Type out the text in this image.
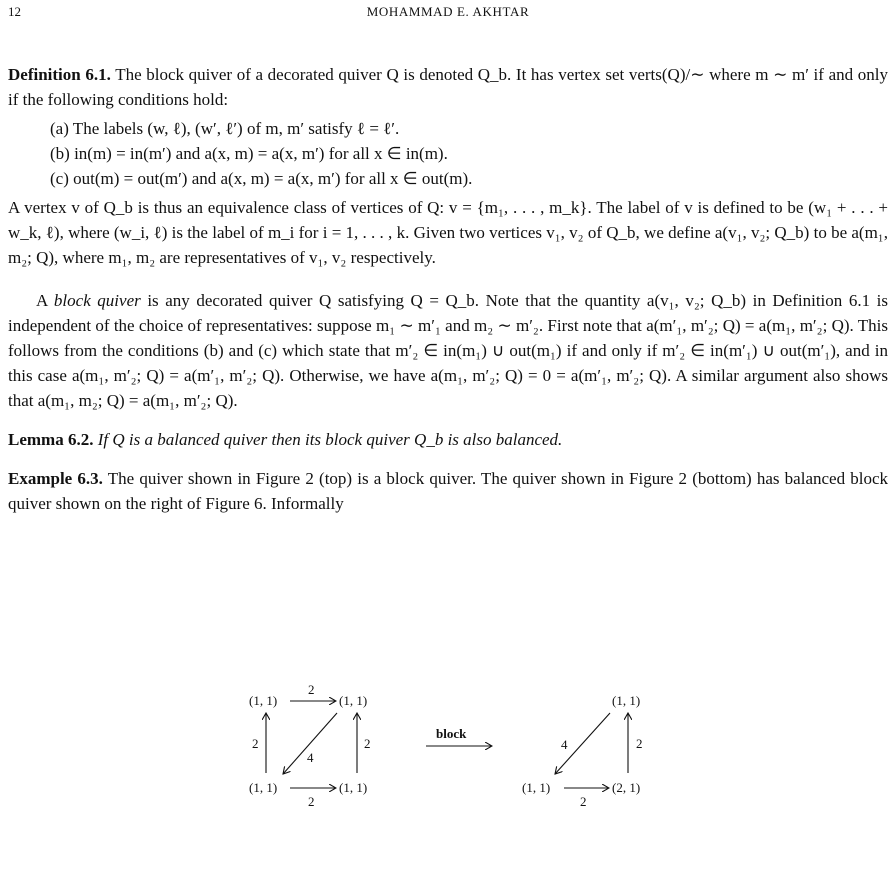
12	MOHAMMAD E. AKHTAR

Definition 6.1. The block quiver of a decorated quiver Q is denoted Q_b. It has vertex set verts(Q)/∼ where m ∼ m′ if and only if the following conditions hold:

(a) The labels (w, ℓ), (w′, ℓ′) of m, m′ satisfy ℓ = ℓ′.
(b) in(m) = in(m′) and a(x, m) = a(x, m′) for all x ∈ in(m).
(c) out(m) = out(m′) and a(x, m) = a(x, m′) for all x ∈ out(m).

A vertex v of Q_b is thus an equivalence class of vertices of Q: v = {m₁, . . . , m_k}. The label of v is defined to be (w₁ + . . . + w_k, ℓ), where (w_i, ℓ) is the label of m_i for i = 1, . . . , k. Given two vertices v₁, v₂ of Q_b, we define a(v₁, v₂; Q_b) to be a(m₁, m₂; Q), where m₁, m₂ are representatives of v₁, v₂ respectively.

A block quiver is any decorated quiver Q satisfying Q = Q_b. Note that the quantity a(v₁, v₂; Q_b) in Definition 6.1 is independent of the choice of representatives: suppose m₁ ∼ m′₁ and m₂ ∼ m′₂. First note that a(m′₁, m′₂; Q) = a(m₁, m′₂; Q). This follows from the conditions (b) and (c) which state that m′₂ ∈ in(m₁) ∪ out(m₁) if and only if m′₂ ∈ in(m′₁) ∪ out(m′₁), and in this case a(m₁, m′₂; Q) = a(m′₁, m′₂; Q). Otherwise, we have a(m₁, m′₂; Q) = 0 = a(m′₁, m′₂; Q). A similar argument also shows that a(m₁, m₂; Q) = a(m₁, m′₂; Q).

Lemma 6.2. If Q is a balanced quiver then its block quiver Q_b is also balanced.

Example 6.3. The quiver shown in Figure 2 (top) is a block quiver. The quiver shown in Figure 2 (bottom) has balanced block quiver shown on the right of Figure 6. Informally

(1, 1)	(1, 1)
(1, 1)	(1, 1)
2
2
2
4
2
block
(1, 1)
(1, 1)	(2, 1)
4	2
2
